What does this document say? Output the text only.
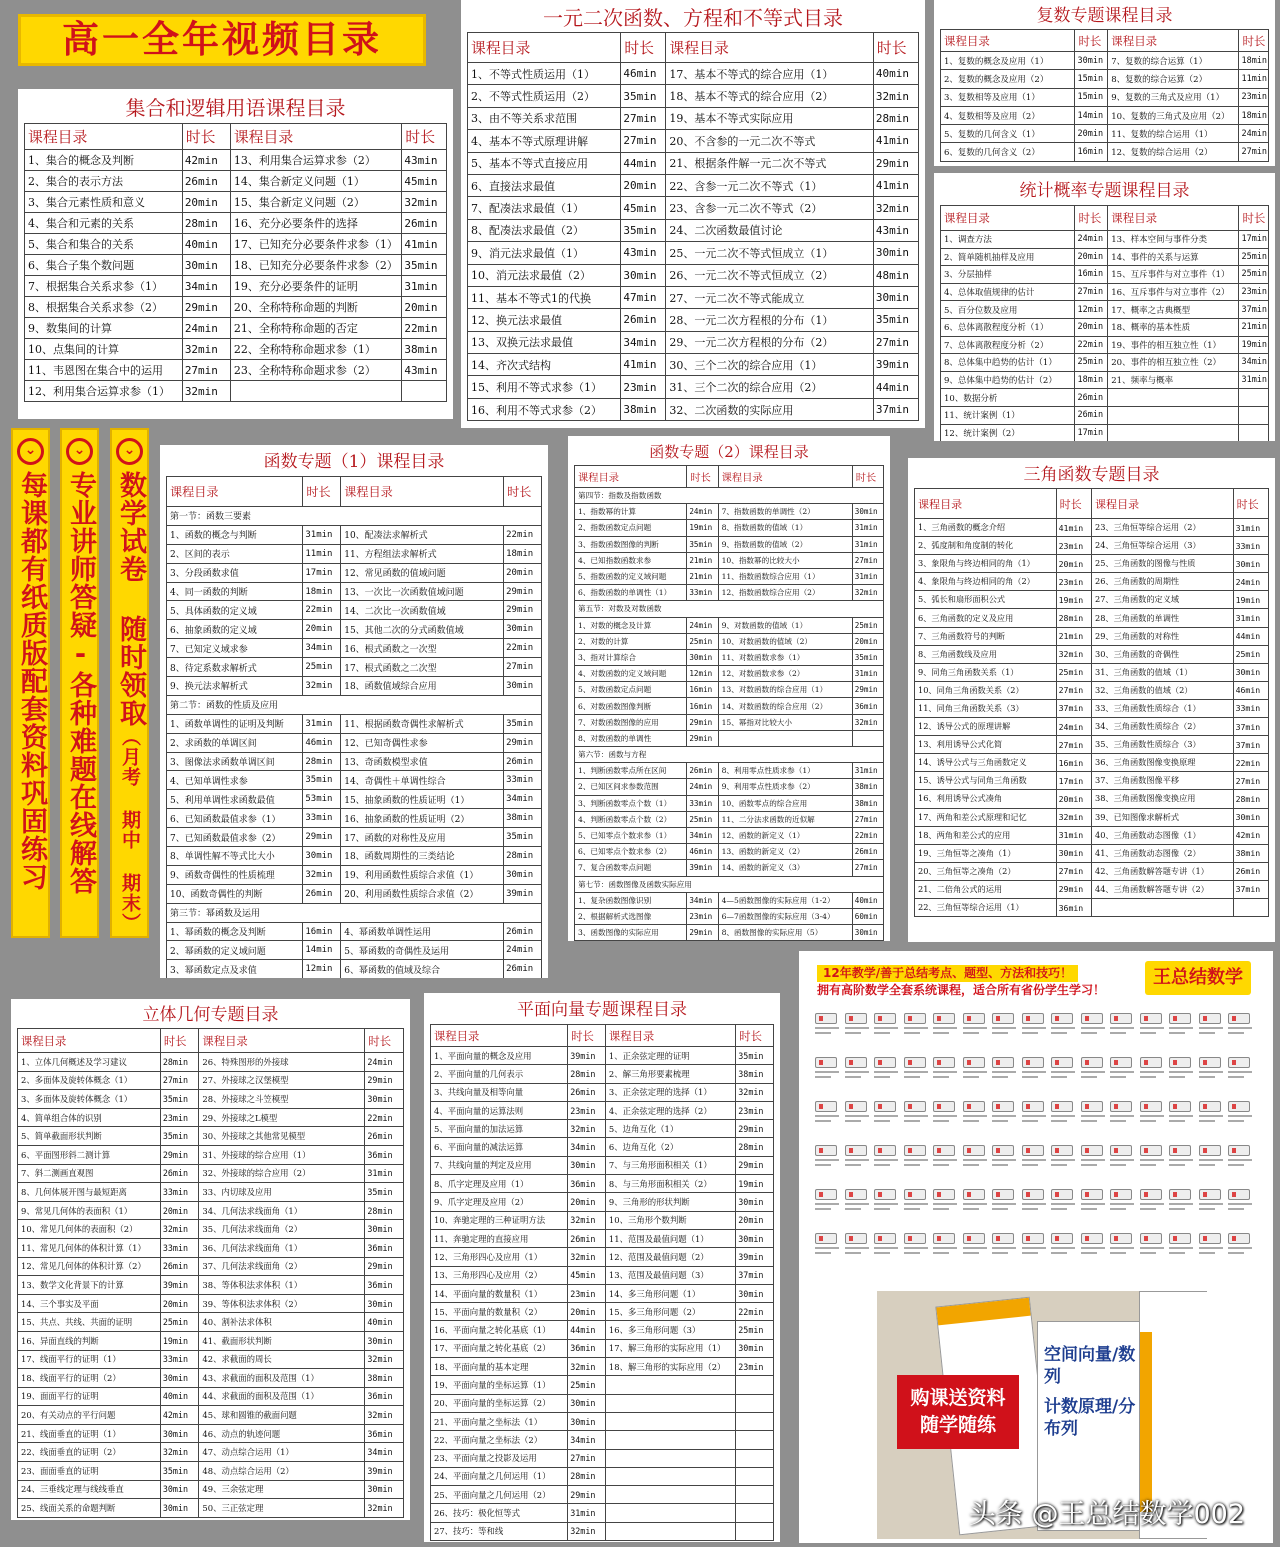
高一全年视频目录
集合和逻辑用语课程目录
课程目录	时长	课程目录	时长
1、集合的概念及判断	42min	13、利用集合运算求参（2）	43min
2、集合的表示方法	26min	14、集合新定义问题（1）	45min
3、集合元素性质和意义	20min	15、集合新定义问题（2）	32min
4、集合和元素的关系	28min	16、充分必要条件的选择	26min
5、集合和集合的关系	40min	17、已知充分必要条件求参（1）	41min
6、集合子集个数问题	30min	18、已知充分必要条件求参（2）	35min
7、根据集合关系求参（1）	34min	19、充分必要条件的证明	31min
8、根据集合关系求参（2）	29min	20、全称特称命题的判断	20min
9、数集间的计算	24min	21、全称特称命题的否定	22min
10、点集间的计算	32min	22、全称特称命题求参（1）	38min
11、韦恩图在集合中的运用	27min	23、全称特称命题求参（2）	43min
12、利用集合运算求参（1）	32min		
一元二次函数、方程和不等式目录
课程目录	时长	课程目录	时长
1、不等式性质运用（1）	46min	17、基本不等式的综合应用（1）	40min
2、不等式性质运用（2）	35min	18、基本不等式的综合应用（2）	32min
3、由不等关系求范围	27min	19、基本不等式实际应用	28min
4、基本不等式原理讲解	27min	20、不含参的一元二次不等式	41min
5、基本不等式直接应用	44min	21、根据条件解一元二次不等式	29min
6、直接法求最值	20min	22、含参一元二次不等式（1）	41min
7、配凑法求最值（1）	45min	23、含参一元二次不等式（2）	32min
8、配凑法求最值（2）	35min	24、二次函数最值讨论	43min
9、消元法求最值（1）	43min	25、一元二次不等式恒成立（1）	30min
10、消元法求最值（2）	30min	26、一元二次不等式恒成立（2）	48min
11、基本不等式1的代换	47min	27、一元二次不等式能成立	30min
12、换元法求最值	26min	28、一元二次方程根的分布（1）	35min
13、双换元法求最值	34min	29、一元二次方程根的分布（2）	27min
14、齐次式结构	41min	30、三个二次的综合应用（1）	39min
15、利用不等式求参（1）	23min	31、三个二次的综合应用（2）	44min
16、利用不等式求参（2）	38min	32、二次函数的实际应用	37min
复数专题课程目录
课程目录	时长	课程目录	时长
1、复数的概念及应用（1）	30min	7、复数的综合运算（1）	18min
2、复数的概念及应用（2）	15min	8、复数的综合运算（2）	11min
3、复数相等及应用（1）	15min	9、复数的三角式及应用（1）	23min
4、复数相等及应用（2）	14min	10、复数的三角式及应用（2）	18min
5、复数的几何含义（1）	20min	11、复数的综合运用（1）	24min
6、复数的几何含义（2）	16min	12、复数的综合运用（2）	27min
统计概率专题课程目录
课程目录	时长	课程目录	时长
1、调查方法	24min	13、样本空间与事件分类	17min
2、简单随机抽样及应用	20min	14、事件的关系与运算	25min
3、分层抽样	16min	15、互斥事件与对立事件（1）	25min
4、总体取值规律的估计	27min	16、互斥事件与对立事件（2）	23min
5、百分位数及应用	12min	17、概率之古典概型	37min
6、总体离散程度分析（1）	20min	18、概率的基本性质	21min
7、总体离散程度分析（2）	22min	19、事件的相互独立性（1）	19min
8、总体集中趋势的估计（1）	25min	20、事件的相互独立性（2）	34min
9、总体集中趋势的估计（2）	18min	21、频率与概率	31min
10、数据分析	26min		
11、统计案例（1）	26min		
12、统计案例（2）	17min		
函数专题（1）课程目录
课程目录	时长	课程目录	时长
第一节：函数三要素			
1、函数的概念与判断	31min	10、配凑法求解析式	22min
2、区间的表示	11min	11、方程组法求解析式	18min
3、分段函数求值	17min	12、常见函数的值域问题	20min
4、同一函数的判断	18min	13、一次比一次函数值域问题	29min
5、具体函数的定义域	22min	14、二次比一次函数值域	29min
6、抽象函数的定义域	20min	15、其他二次的分式函数值域	30min
7、已知定义域求参	34min	16、根式函数之一次型	22min
8、待定系数求解析式	25min	17、根式函数之二次型	27min
9、换元法求解析式	32min	18、函数值域综合应用	30min
第二节：函数的性质及应用			
1、函数单调性的证明及判断	31min	11、根据函数奇偶性求解析式	35min
2、求函数的单调区间	46min	12、已知奇偶性求参	29min
3、图像法求函数单调区间	28min	13、奇函数模型求值	26min
4、已知单调性求参	35min	14、奇偶性＋单调性综合	33min
5、利用单调性求函数最值	53min	15、抽象函数的性质证明（1）	34min
6、已知函数最值求参（1）	33min	16、抽象函数的性质证明（2）	38min
7、已知函数最值求参（2）	29min	17、函数的对称性及应用	35min
8、单调性解不等式比大小	30min	18、函数周期性的三类结论	28min
9、函数奇偶性的性质梳理	32min	19、利用函数性质综合求值（1）	30min
10、函数奇偶性的判断	26min	20、利用函数性质综合求值（2）	39min
第三节：幂函数及运用			
1、幂函数的概念及判断	16min	4、幂函数单调性运用	26min
2、幂函数的定义域问题	14min	5、幂函数的奇偶性及运用	24min
3、幂函数定点及求值	12min	6、幂函数的值域及综合	26min
函数专题（2）课程目录
课程目录	时长	课程目录	时长
第四节：指数及指数函数			
1、指数幂的计算	24min	7、指数函数的单调性（2）	30min
2、指数函数定点问题	19min	8、指数函数的值域（1）	31min
3、指数函数图像的判断	35min	9、指数函数的值域（2）	31min
4、已知指数函数求参	21min	10、指数幂的比较大小	27min
5、指数函数的定义域问题	21min	11、指数函数综合应用（1）	31min
6、指数函数的单调性（1）	33min	12、指数函数综合应用（2）	32min
第五节：对数及对数函数			
1、对数的概念及计算	24min	9、对数函数的值域（1）	25min
2、对数的计算	25min	10、对数函数的值域（2）	20min
3、指对计算综合	30min	11、对数函数求参（1）	35min
4、对数函数的定义域问题	12min	12、对数函数求参（2）	31min
5、对数函数定点问题	16min	13、对数函数的综合应用（1）	29min
6、对数函数图像判断	16min	14、对数函数的综合应用（2）	36min
7、对数函数图像的应用	29min	15、幂指对比较大小	32min
8、对数函数的单调性	29min		
第六节：函数与方程			
1、判断函数零点所在区间	26min	8、利用零点性质求参（1）	31min
2、已知区间求参数范围	24min	9、利用零点性质求参（2）	38min
3、判断函数零点个数（1）	33min	10、函数零点的综合应用	38min
4、判断函数零点个数（2）	25min	11、二分法求函数的近似解	27min
5、已知零点个数求参（1）	34min	12、函数的新定义（1）	22min
6、已知零点个数求参（2）	46min	13、函数的新定义（2）	26min
7、复合函数零点问题	39min	14、函数的新定义（3）	27min
第七节：函数图像及函数实际应用			
1、复杂函数图像识别	34min	4—5函数图像的实际应用（1-2）	40min
2、根据解析式选图像	23min	6—7函数图像的实际应用（3-4）	60min
3、函数图像的实际应用	29min	8、函数图像的实际应用（5）	30min
三角函数专题目录
课程目录	时长	课程目录	时长
1、三角函数的概念介绍	41min	23、三角恒等综合运用（2）	31min
2、弧度制和角度制的转化	23min	24、三角恒等综合运用（3）	33min
3、象限角与终边相同的角（1）	20min	25、三角函数的图像与性质	30min
4、象限角与终边相同的角（2）	23min	26、三角函数的周期性	24min
5、弧长和扇形面积公式	19min	27、三角函数的定义域	19min
6、三角函数的定义及应用	28min	28、三角函数的单调性	31min
7、三角函数符号的判断	21min	29、三角函数的对称性	44min
8、三角函数线及应用	32min	30、三角函数的奇偶性	25min
9、同角三角函数关系（1）	25min	31、三角函数的值域（1）	30min
10、同角三角函数关系（2）	27min	32、三角函数的值域（2）	46min
11、同角三角函数关系（3）	37min	33、三角函数性质综合（1）	33min
12、诱导公式的原理讲解	24min	34、三角函数性质综合（2）	37min
13、利用诱导公式化简	27min	35、三角函数性质综合（3）	37min
14、诱导公式与三角函数定义	16min	36、三角函数图像变换原理	22min
15、诱导公式与同角三角函数	17min	37、三角函数图像平移	27min
16、利用诱导公式凑角	20min	38、三角函数图像变换应用	28min
17、两角和差公式原理和记忆	32min	39、已知图像求解析式	30min
18、两角和差公式的应用	31min	40、三角函数动态图像（1）	42min
19、三角恒等之凑角（1）	30min	41、三角函数动态图像（2）	38min
20、三角恒等之凑角（2）	27min	42、三角函数解答题专讲（1）	26min
21、二倍角公式的运用	29min	44、三角函数解答题专讲（2）	37min
22、三角恒等综合运用（1）	36min		
立体几何专题目录
课程目录	时长	课程目录	时长
1、立体几何概述及学习建议	28min	26、特殊图形的外接球	24min
2、多面体及旋转体概念（1）	27min	27、外接球之汉堡模型	29min
3、多面体及旋转体概念（1）	35min	28、外接球之斗笠模型	30min
4、简单组合体的识别	23min	29、外接球之L模型	22min
5、简单截面形状判断	35min	30、外接球之其他常见模型	26min
6、平面图形斜二测计算	29min	31、外接球的综合应用（1）	36min
7、斜二测画直观图	26min	32、外接球的综合应用（2）	31min
8、几何体展开图与最短距离	33min	33、内切球及应用	35min
9、常见几何体的表面积（1）	20min	34、几何法求线面角（1）	28min
10、常见几何体的表面积（2）	32min	35、几何法求线面角（2）	30min
11、常见几何体的体积计算（1）	33min	36、几何法求线面角（1）	36min
12、常见几何体的体积计算（2）	26min	37、几何法求线面角（2）	29min
13、数学文化背景下的计算	39min	38、等体积法求体积（1）	36min
14、三个事实及平面	20min	39、等体积法求体积（2）	30min
15、共点、共线、共面的证明	25min	40、割补法求体积	40min
16、异面直线的判断	19min	41、截面形状判断	30min
17、线面平行的证明（1）	33min	42、求截面的周长	32min
18、线面平行的证明（2）	30min	43、求截面的面积及范围（1）	38min
19、面面平行的证明	40min	44、求截面的面积及范围（1）	36min
20、有关动点的平行问题	42min	45、球和圆锥的截面问题	32min
21、线面垂直的证明（1）	30min	46、动点的轨迹问题	36min
22、线面垂直的证明（2）	32min	47、动点综合运用（1）	34min
23、面面垂直的证明	35min	48、动点综合运用（2）	39min
24、三垂线定理与线线垂直	30min	49、三余弦定理	30min
25、线面关系的命题判断	30min	50、三正弦定理	32min
平面向量专题课程目录
课程目录	时长	课程目录	时长
1、平面向量的概念及应用	39min	1、正余弦定理的证明	35min
2、平面向量的几何表示	28min	2、解三角形要素梳理	38min
3、共线向量及相等向量	26min	3、正余弦定理的选择（1）	32min
4、平面向量的运算法则	23min	4、正余弦定理的选择（2）	23min
5、平面向量的加法运算	32min	5、边角互化（1）	29min
6、平面向量的减法运算	34min	6、边角互化（2）	28min
7、共线向量的判定及应用	30min	7、与三角形面积相关（1）	29min
8、爪字定理及应用（1）	36min	8、与三角形面积相关（2）	19min
9、爪字定理及应用（2）	20min	9、三角形的形状判断	30min
10、奔驰定理的三种证明方法	32min	10、三角形个数判断	20min
11、奔驰定理的直接应用	26min	11、范围及最值问题（1）	30min
12、三角形四心及应用（1）	32min	12、范围及最值问题（2）	39min
13、三角形四心及应用（2）	45min	13、范围及最值问题（3）	37min
14、平面向量的数量积（1）	23min	14、多三角形问题（1）	30min
15、平面向量的数量积（2）	20min	15、多三角形问题（2）	22min
16、平面向量之转化基底（1）	44min	16、多三角形问题（3）	25min
17、平面向量之转化基底（2）	36min	17、解三角形的实际应用（1）	30min
18、平面向量的基本定理	32min	18、解三角形的实际应用（2）	23min
19、平面向量的坐标运算（1）	25min		
20、平面向量的坐标运算（2）	30min		
21、平面向量之坐标法（1）	30min		
22、平面向量之坐标法（2）	34min		
23、平面向量之投影及运用	27min		
24、平面向量之几何运用（1）	28min		
25、平面向量之几何运用（2）	29min		
26、技巧：极化恒等式	31min		
27、技巧：等和线	32min		
⌄
每课都有纸质版配套资料巩固练习
⌄
专业讲师答疑-各种难题在线解答
⌄
数学试卷 随时领取
（月考 期中 期末）
12年教学/善于总结考点、题型、方法和技巧！
拥有高阶数学全套系统课程，适合所有省份学生学习！
王总结数学
空间向量/数列
计数原理/分布列
购课送资料
随学随练
头条 @王总结数学002
